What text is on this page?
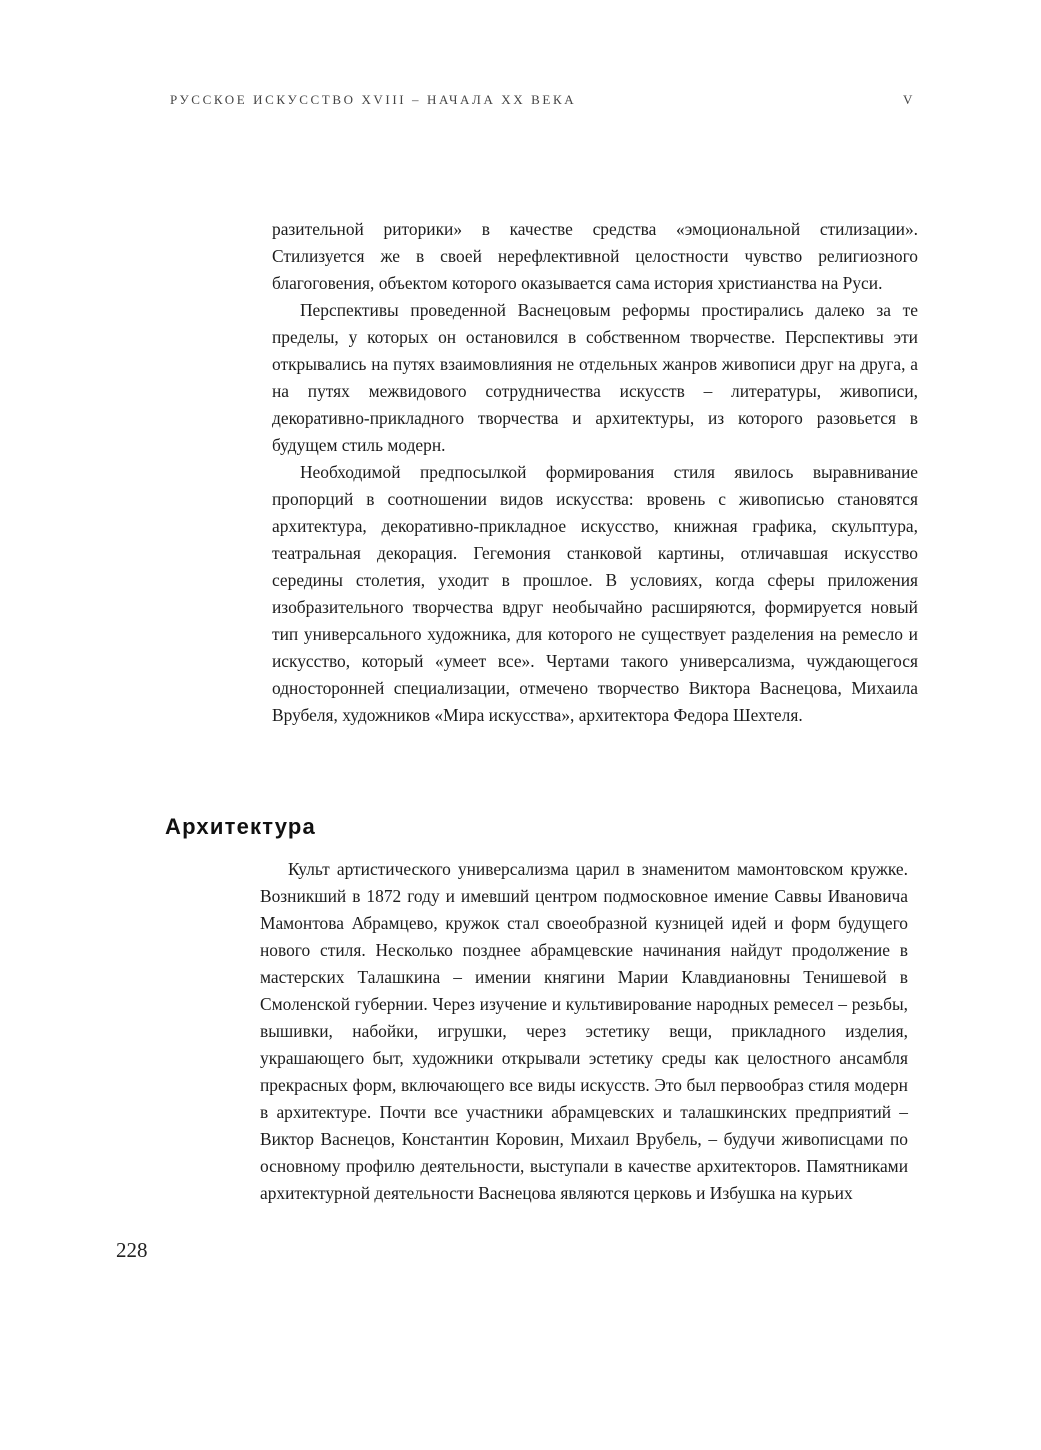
РУССКОЕ ИСКУССТВО XVIII – НАЧАЛА XX ВЕКА	V

разительной риторики» в качестве средства «эмоциональной стилизации». Стилизуется же в своей нерефлективной целостности чувство религиозного благоговения, объектом которого оказывается сама история христианства на Руси.

Перспективы проведенной Васнецовым реформы простирались далеко за те пределы, у которых он остановился в собственном творчестве. Перспективы эти открывались на путях взаимовлияния не отдельных жанров живописи друг на друга, а на путях межвидового сотрудничества искусств – литературы, живописи, декоративно-прикладного творчества и архитектуры, из которого разовьется в будущем стиль модерн.

Необходимой предпосылкой формирования стиля явилось выравнивание пропорций в соотношении видов искусства: вровень с живописью становятся архитектура, декоративно-прикладное искусство, книжная графика, скульптура, театральная декорация. Гегемония станковой картины, отличавшая искусство середины столетия, уходит в прошлое. В условиях, когда сферы приложения изобразительного творчества вдруг необычайно расширяются, формируется новый тип универсального художника, для которого не существует разделения на ремесло и искусство, который «умеет все». Чертами такого универсализма, чуждающегося односторонней специализации, отмечено творчество Виктора Васнецова, Михаила Врубеля, художников «Мира искусства», архитектора Федора Шехтеля.

Архитектура

Культ артистического универсализма царил в знаменитом мамонтовском кружке. Возникший в 1872 году и имевший центром подмосковное имение Саввы Ивановича Мамонтова Абрамцево, кружок стал своеобразной кузницей идей и форм будущего нового стиля. Несколько позднее абрамцевские начинания найдут продолжение в мастерских Талашкина – имении княгини Марии Клавдиановны Тенишевой в Смоленской губернии. Через изучение и культивирование народных ремесел – резьбы, вышивки, набойки, игрушки, через эстетику вещи, прикладного изделия, украшающего быт, художники открывали эстетику среды как целостного ансамбля прекрасных форм, включающего все виды искусств. Это был первообраз стиля модерн в архитектуре. Почти все участники абрамцевских и талашкинских предприятий – Виктор Васнецов, Константин Коровин, Михаил Врубель, – будучи живописцами по основному профилю деятельности, выступали в качестве архитекторов. Памятниками архитектурной деятельности Васнецова являются церковь и Избушка на курьих

228
